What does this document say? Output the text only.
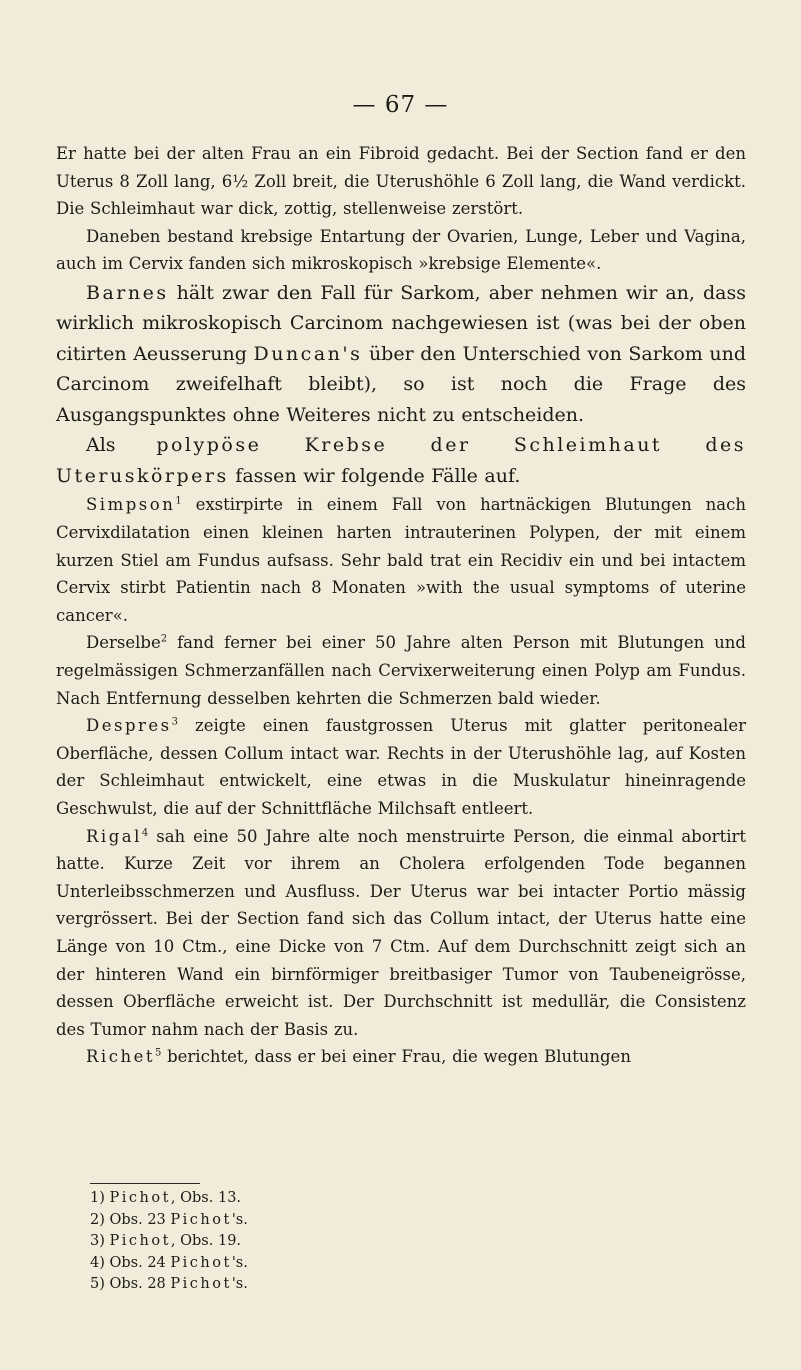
— 67 —

Er hatte bei der alten Frau an ein Fibroid gedacht. Bei der Section fand er den Uterus 8 Zoll lang, 6½ Zoll breit, die Uterushöhle 6 Zoll lang, die Wand verdickt. Die Schleimhaut war dick, zottig, stellenweise zerstört.

Daneben bestand krebsige Entartung der Ovarien, Lunge, Leber und Vagina, auch im Cervix fanden sich mikroskopisch »krebsige Elemente«.

Barnes hält zwar den Fall für Sarkom, aber nehmen wir an, dass wirklich mikroskopisch Carcinom nachgewiesen ist (was bei der oben citirten Aeusserung Duncan's über den Unterschied von Sarkom und Carcinom zweifelhaft bleibt), so ist noch die Frage des Ausgangspunktes ohne Weiteres nicht zu entscheiden.

Als polypöse Krebse der Schleimhaut des Uteruskörpers fassen wir folgende Fälle auf.

Simpson$^1$ exstirpirte in einem Fall von hartnäckigen Blutungen nach Cervixdilatation einen kleinen harten intrauterinen Polypen, der mit einem kurzen Stiel am Fundus aufsass. Sehr bald trat ein Recidiv ein und bei intactem Cervix stirbt Patientin nach 8 Monaten »with the usual symptoms of uterine cancer«.

Derselbe$^2$ fand ferner bei einer 50 Jahre alten Person mit Blutungen und regelmässigen Schmerzanfällen nach Cervixerweiterung einen Polyp am Fundus. Nach Entfernung desselben kehrten die Schmerzen bald wieder.

Despres$^3$ zeigte einen faustgrossen Uterus mit glatter peritonealer Oberfläche, dessen Collum intact war. Rechts in der Uterushöhle lag, auf Kosten der Schleimhaut entwickelt, eine etwas in die Muskulatur hineinragende Geschwulst, die auf der Schnittfläche Milchsaft entleert.

Rigal$^4$ sah eine 50 Jahre alte noch menstruirte Person, die einmal abortirt hatte. Kurze Zeit vor ihrem an Cholera erfolgenden Tode begannen Unterleibsschmerzen und Ausfluss. Der Uterus war bei intacter Portio mässig vergrössert. Bei der Section fand sich das Collum intact, der Uterus hatte eine Länge von 10 Ctm., eine Dicke von 7 Ctm. Auf dem Durchschnitt zeigt sich an der hinteren Wand ein birnförmiger breitbasiger Tumor von Taubeneigrösse, dessen Oberfläche erweicht ist. Der Durchschnitt ist medullär, die Consistenz des Tumor nahm nach der Basis zu.

Richet$^5$ berichtet, dass er bei einer Frau, die wegen Blutungen

1) Pichot, Obs. 13.
2) Obs. 23 Pichot's.
3) Pichot, Obs. 19.
4) Obs. 24 Pichot's.
5) Obs. 28 Pichot's.
